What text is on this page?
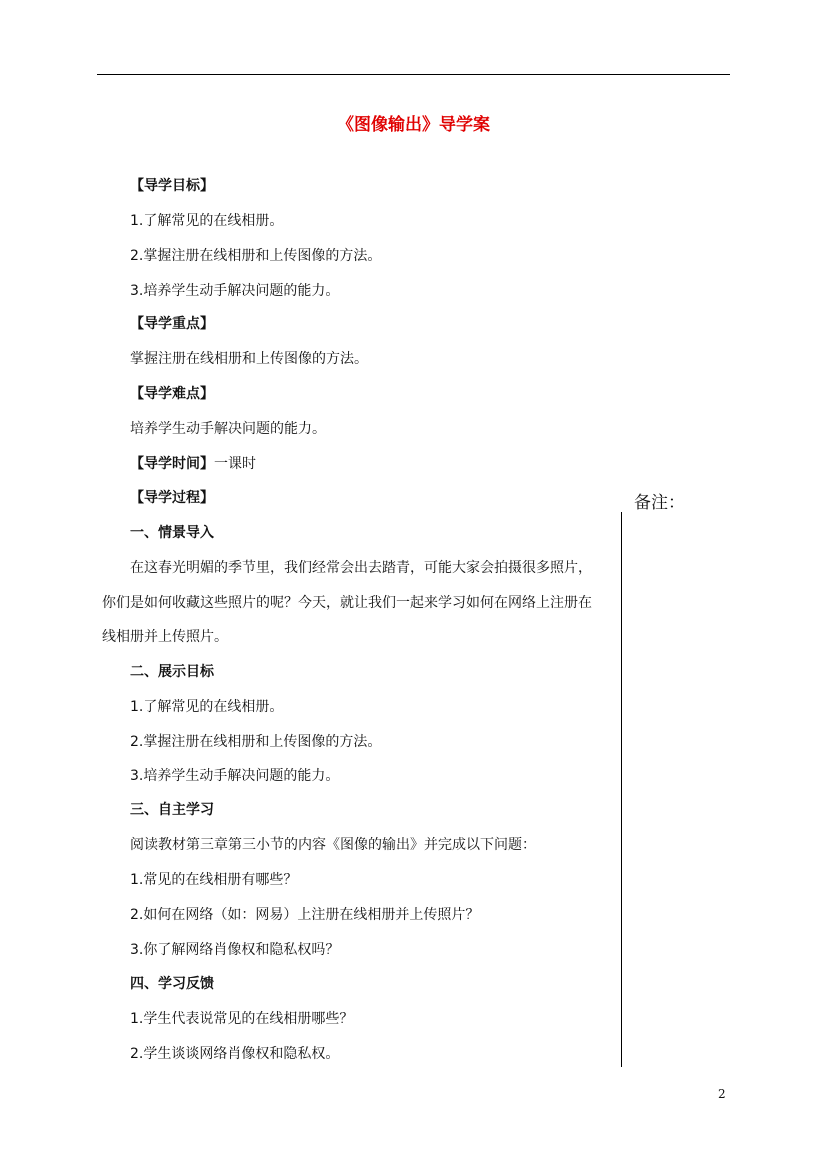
《图像输出》导学案
【导学目标】
1.了解常见的在线相册。
2.掌握注册在线相册和上传图像的方法。
3.培养学生动手解决问题的能力。
【导学重点】
掌握注册在线相册和上传图像的方法。
【导学难点】
培养学生动手解决问题的能力。
【导学时间】一课时
【导学过程】	备注：
一、情景导入
在这春光明媚的季节里，我们经常会出去踏青，可能大家会拍摄很多照片，
你们是如何收藏这些照片的呢？今天，就让我们一起来学习如何在网络上注册在
线相册并上传照片。
二、展示目标
1.了解常见的在线相册。
2.掌握注册在线相册和上传图像的方法。
3.培养学生动手解决问题的能力。
三、自主学习
阅读教材第三章第三小节的内容《图像的输出》并完成以下问题：
1.常见的在线相册有哪些？
2.如何在网络（如：网易）上注册在线相册并上传照片？
3.你了解网络肖像权和隐私权吗？
四、学习反馈
1.学生代表说常见的在线相册哪些？
2.学生谈谈网络肖像权和隐私权。
2
